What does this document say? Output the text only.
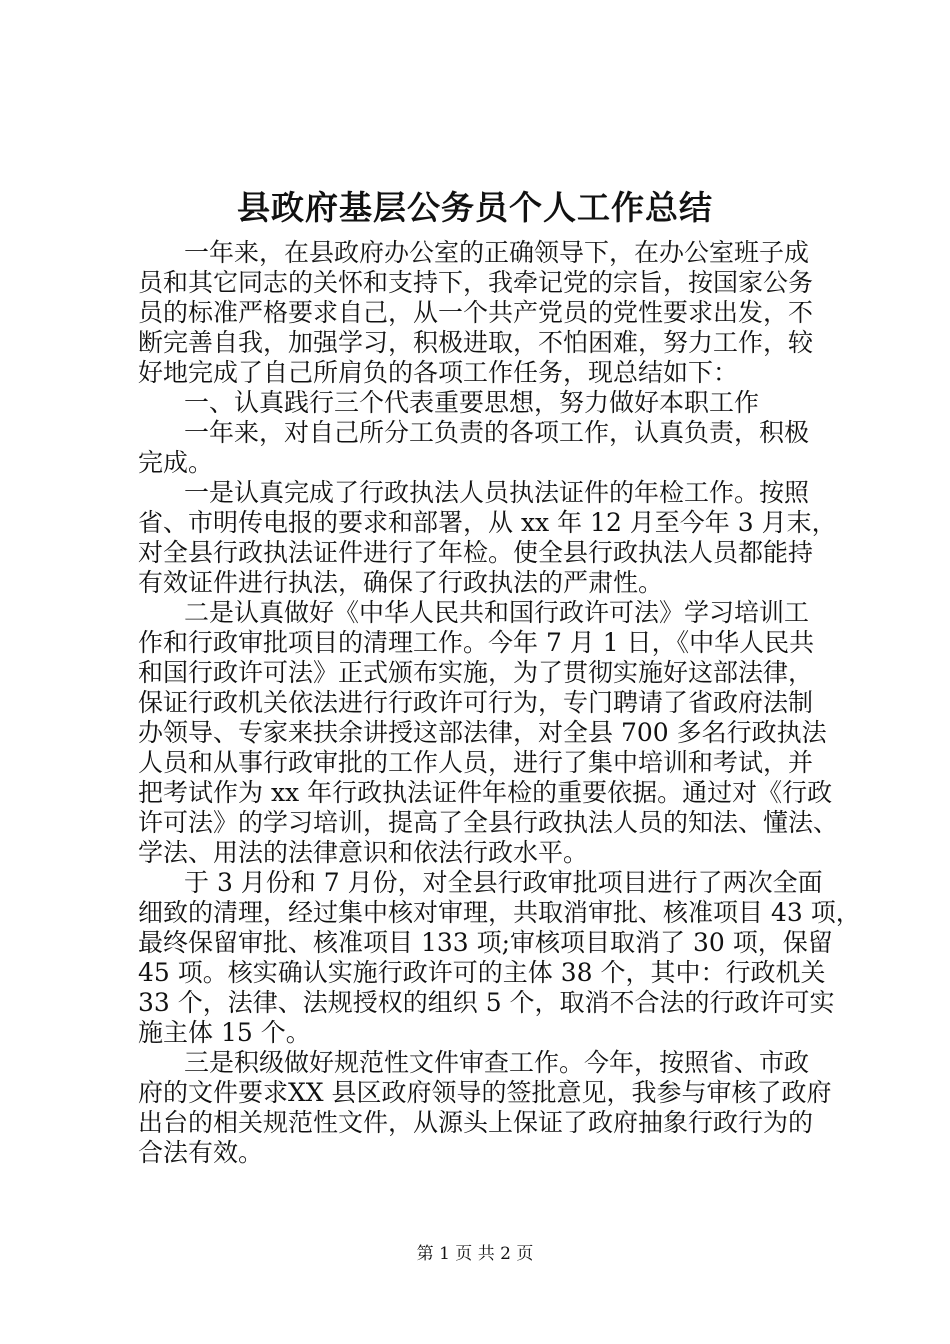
县政府基层公务员个人工作总结
一年来，在县政府办公室的正确领导下，在办公室班子成
员和其它同志的关怀和支持下，我牵记党的宗旨，按国家公务
员的标准严格要求自己，从一个共产党员的党性要求出发，不
断完善自我，加强学习，积极进取，不怕困难，努力工作，较
好地完成了自己所肩负的各项工作任务，现总结如下：
一、认真践行三个代表重要思想，努力做好本职工作
一年来，对自己所分工负责的各项工作，认真负责，积极
完成。
一是认真完成了行政执法人员执法证件的年检工作。按照
省、市明传电报的要求和部署，从 xx 年 12 月至今年 3 月末，
对全县行政执法证件进行了年检。使全县行政执法人员都能持
有效证件进行执法，确保了行政执法的严肃性。
二是认真做好《中华人民共和国行政许可法》学习培训工
作和行政审批项目的清理工作。今年 7 月 1 日，《中华人民共
和国行政许可法》正式颁布实施，为了贯彻实施好这部法律，
保证行政机关依法进行行政许可行为，专门聘请了省政府法制
办领导、专家来扶余讲授这部法律，对全县 700 多名行政执法
人员和从事行政审批的工作人员，进行了集中培训和考试，并
把考试作为 xx 年行政执法证件年检的重要依据。通过对《行政
许可法》的学习培训，提高了全县行政执法人员的知法、懂法、
学法、用法的法律意识和依法行政水平。
于 3 月份和 7 月份，对全县行政审批项目进行了两次全面
细致的清理，经过集中核对审理，共取消审批、核准项目 43 项，
最终保留审批、核准项目 133 项;审核项目取消了 30 项，保留
45 项。核实确认实施行政许可的主体 38 个，其中：行政机关
33 个，法律、法规授权的组织 5 个，取消不合法的行政许可实
施主体 15 个。
三是积级做好规范性文件审查工作。今年，按照省、市政
府的文件要求XX 县区政府领导的签批意见，我参与审核了政府
出台的相关规范性文件，从源头上保证了政府抽象行政行为的
合法有效。
第 1 页 共 2 页
